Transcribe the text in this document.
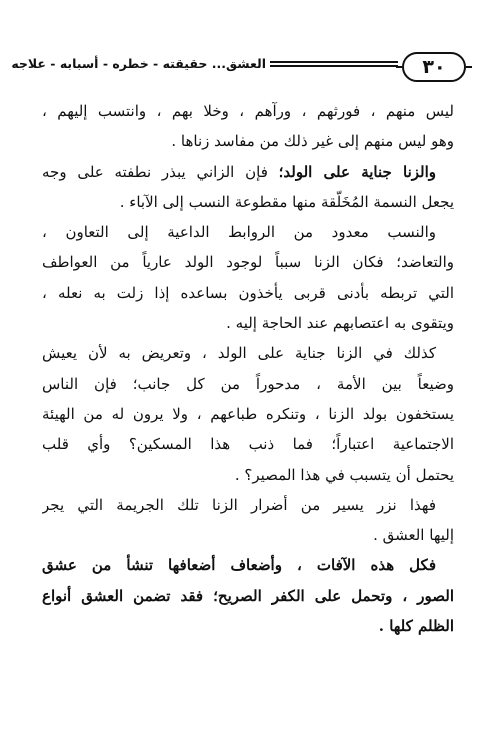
العشق... حقيقته - خطره - أسبابه - علاجه	٣٠
ليس منهم ، فورثهم ، ورآهم ، وخلا بهم ، وانتسب إليهم ،
وهو ليس منهم إلى غير ذلك من مفاسد زناها .
والزنا جناية على الولد؛ فإن الزاني يبذر نطفته على وجه
يجعل النسمة المُخَلّقة منها مقطوعة النسب إلى الآباء .
والنسب معدود من الروابط الداعية إلى التعاون ،
والتعاضد؛ فكان الزنا سبباً لوجود الولد عارياً من العواطف
التي تربطه بأدنى قربى يأخذون بساعده إذا زلت به نعله ،
ويتقوى به اعتصابهم عند الحاجة إليه .
كذلك في الزنا جناية على الولد ، وتعريض به لأن يعيش
وضيعاً بين الأمة ، مدحوراً من كل جانب؛ فإن الناس
يستخفون بولد الزنا ، وتنكره طباعهم ، ولا يرون له من الهيئة
الاجتماعية اعتباراً؛ فما ذنب هذا المسكين؟ وأي قلب
يحتمل أن يتسبب في هذا المصير؟ .
فهذا نزر يسير من أضرار الزنا تلك الجريمة التي يجر
إليها العشق .
فكل هذه الآفات ، وأضعاف أضعافها تنشأ من عشق
الصور ، وتحمل على الكفر الصريح؛ فقد تضمن العشق أنواع
الظلم كلها .
